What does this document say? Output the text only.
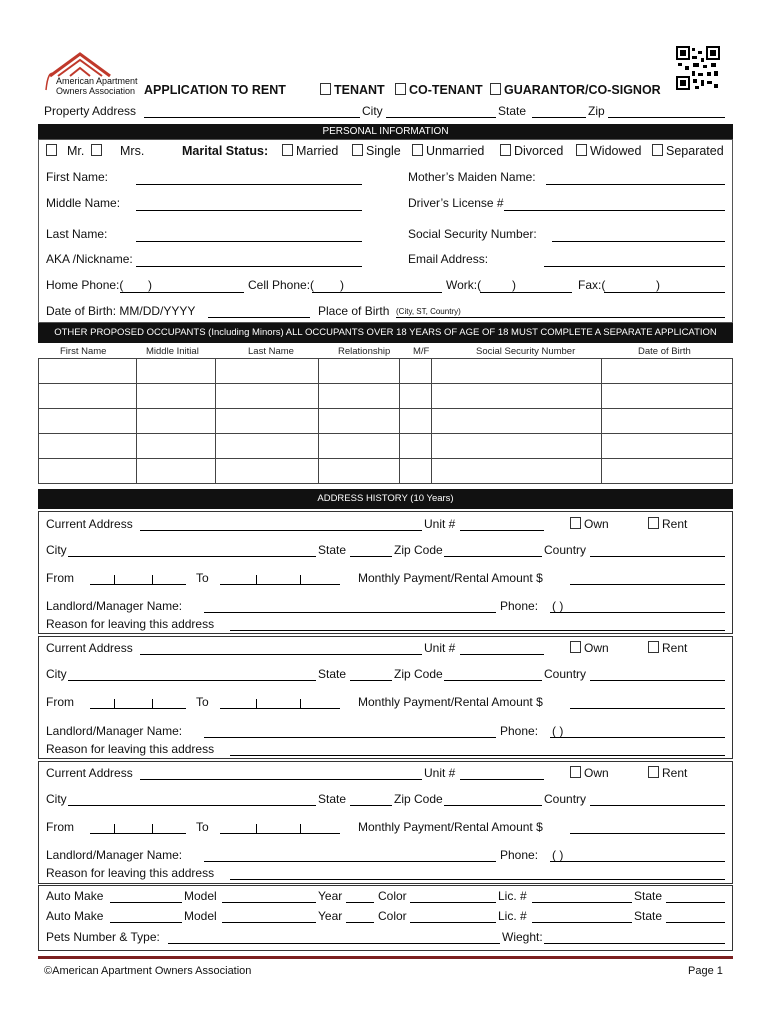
American Apartment
Owners Association APPLICATION TO RENT	TENANT	CO-TENANT	GUARANTOR/CO-SIGNOR
Property Address	City	State	Zip
PERSONAL INFORMATION
Mr.	Mrs.	Marital Status:	Married	Single	Unmarried	Divorced	Widowed	Separated
First Name:	Mother’s Maiden Name:
Middle Name:	Driver’s License #
Last Name:	Social Security Number:
AKA /Nickname:	Email Address:
Home Phone:( )	Cell Phone:( )	Work:(	)	Fax:(	)
Date of Birth: MM/DD/YYYY	Place of Birth (City, ST, Country)
OTHER PROPOSED OCCUPANTS (Including Minors) ALL OCCUPANTS OVER 18 YEARS OF AGE OF 18 MUST COMPLETE A SEPARATE APPLICATION
First Name	Middle Initial	Last Name	Relationship M/F	Social Security Number	Date of Birth

ADDRESS HISTORY (10 Years)
Current Address	Unit #	Own	Rent
City	State	Zip Code	Country
From	To	Monthly Payment/Rental Amount $
Landlord/Manager Name:	Phone: ( )
Reason for leaving this address
Current Address	Unit #	Own	Rent
City	State	Zip Code	Country
From	To	Monthly Payment/Rental Amount $
Landlord/Manager Name:	Phone: ( )
Reason for leaving this address
Current Address	Unit #	Own	Rent
City	State	Zip Code	Country
From	To	Monthly Payment/Rental Amount $
Landlord/Manager Name:	Phone: ( )
Reason for leaving this address
Auto Make	Model	Year	Color	Lic. #	State
Auto Make	Model	Year	Color	Lic. #	State
Pets Number & Type:	Wieght:
©American Apartment Owners Association	Page 1
